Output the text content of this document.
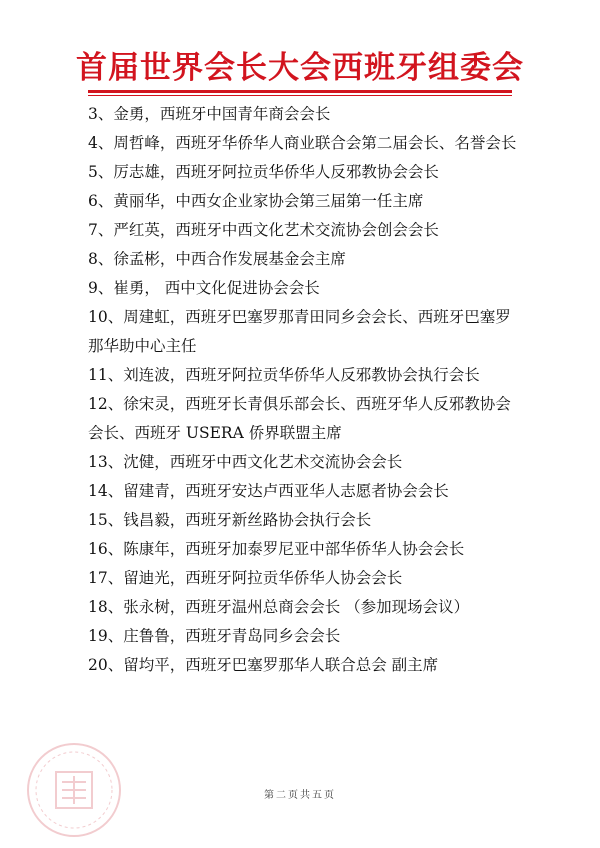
首届世界会长大会西班牙组委会
3、金勇，西班牙中国青年商会会长
4、周哲峰，西班牙华侨华人商业联合会第二届会长、名誉会长
5、厉志雄，西班牙阿拉贡华侨华人反邪教协会会长
6、黄丽华，中西女企业家协会第三届第一任主席
7、严红英，西班牙中西文化艺术交流协会创会会长
8、徐孟彬，中西合作发展基金会主席
9、崔勇， 西中文化促进协会会长
10、周建虹，西班牙巴塞罗那青田同乡会会长、西班牙巴塞罗那华助中心主任
11、刘连波，西班牙阿拉贡华侨华人反邪教协会执行会长
12、徐宋灵，西班牙长青俱乐部会长、西班牙华人反邪教协会会长、西班牙 USERA 侨界联盟主席
13、沈健，西班牙中西文化艺术交流协会会长
14、留建青，西班牙安达卢西亚华人志愿者协会会长
15、钱昌毅，西班牙新丝路协会执行会长
16、陈康年，西班牙加泰罗尼亚中部华侨华人协会会长
17、留迪光，西班牙阿拉贡华侨华人协会会长
18、张永树，西班牙温州总商会会长 （参加现场会议）
19、庄鲁鲁，西班牙青岛同乡会会长
20、留均平，西班牙巴塞罗那华人联合总会 副主席
第二页共五页
